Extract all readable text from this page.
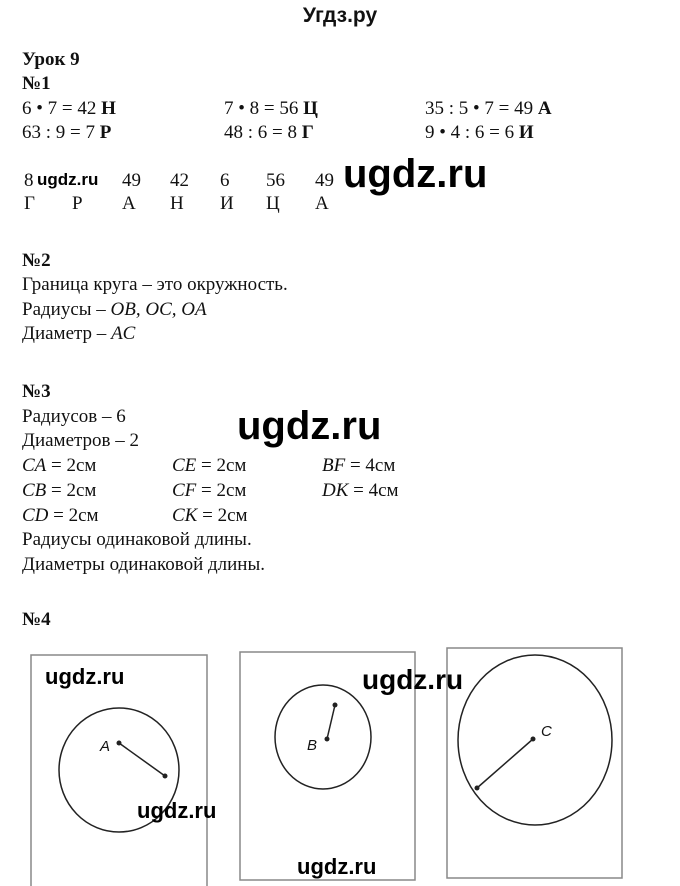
Угдз.ру
Урок 9
№1
6 • 7 = 42 Н	7 • 8 = 56 Ц	35 : 5 • 7 = 49 А
63 : 9 = 7 Р	48 : 6 = 8 Г	9 • 4 : 6 = 6 И
8	49 42 6 56 49
Г Р А Н И Ц А
ugdz.ru	ugdz.ru
№2
Граница круга – это окружность.
Радиусы – OB, OC, OA
Диаметр – AC
№3
Радиусов – 6
Диаметров – 2 ugdz.ru
CA = 2см	CE = 2см	BF = 4см
CB = 2см	CF = 2см	DK = 4см
CD = 2см	CK = 2см
Радиусы одинаковой длины.
Диаметры одинаковой длины.
№4
A	B
C
ugdz.ru	ugdz.ru
ugdz.ru
ugdz.ru
